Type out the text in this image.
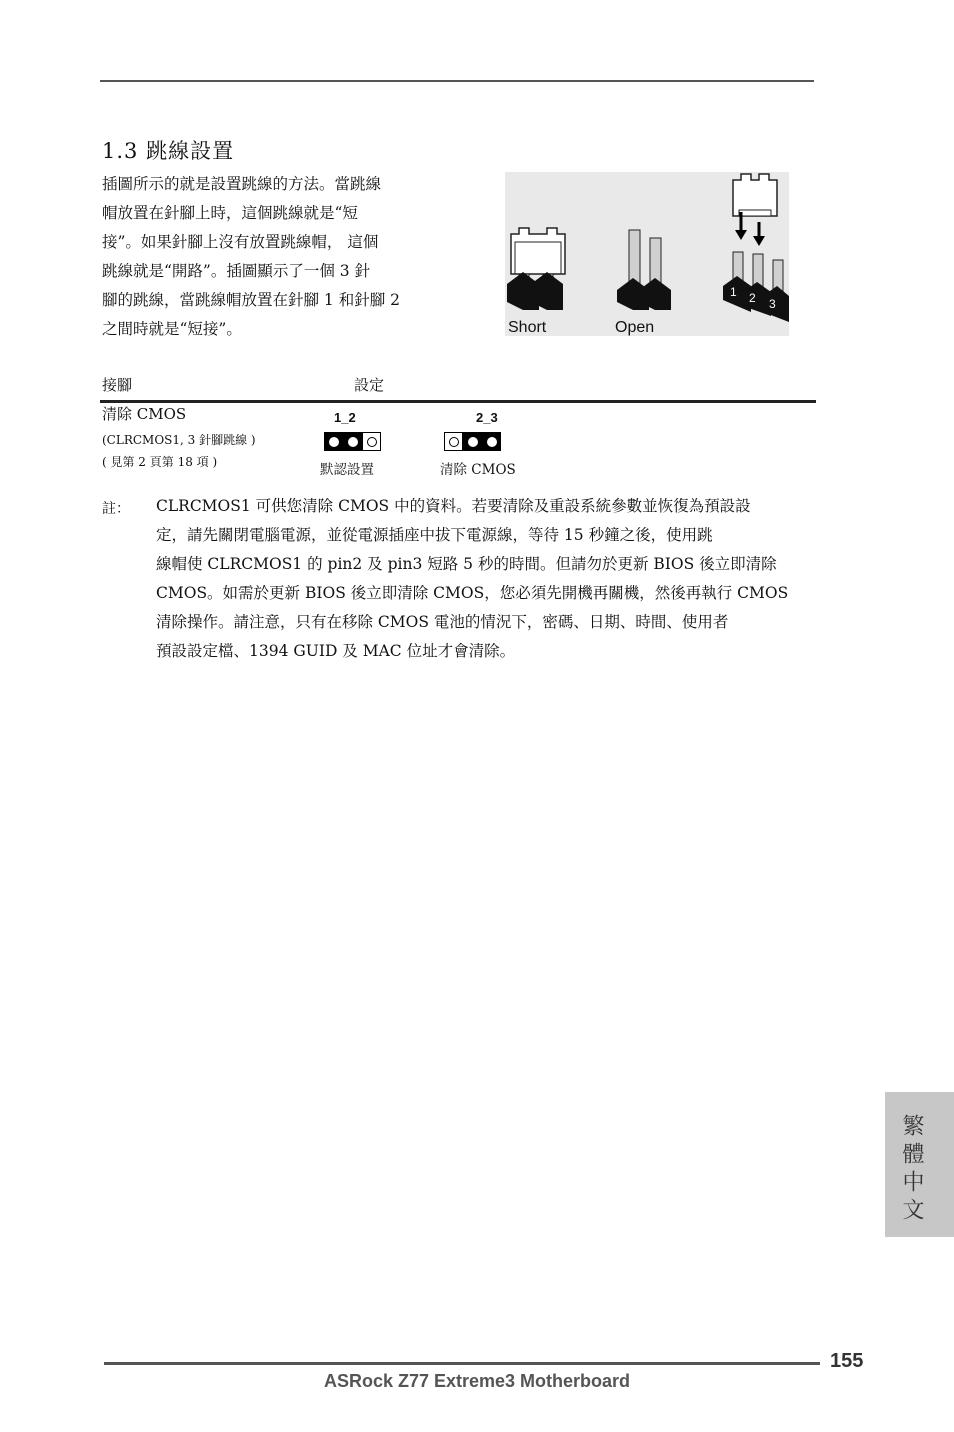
1.3 跳線設置
插圖所示的就是設置跳線的方法。當跳線
帽放置在針腳上時，這個跳線就是“短
接”。如果針腳上沒有放置跳線帽， 這個
跳線就是“開路”。插圖顯示了一個 3 針
腳的跳線，當跳線帽放置在針腳 1 和針腳 2
之間時就是“短接”。
1 2 3
Short	Open
接腳	設定
清除 CMOS
(CLRCMOS1, 3 針腳跳線 )
( 見第 2 頁第 18 項 )
1_2
默認設置
2_3
清除 CMOS
註： CLRCMOS1 可供您清除 CMOS 中的資料。若要清除及重設系統參數並恢復為預設設
定，請先關閉電腦電源，並從電源插座中拔下電源線，等待 15 秒鐘之後，使用跳
線帽使 CLRCMOS1 的 pin2 及 pin3 短路 5 秒的時間。但請勿於更新 BIOS 後立即清除
CMOS。如需於更新 BIOS 後立即清除 CMOS，您必須先開機再關機，然後再執行 CMOS
清除操作。請注意，只有在移除 CMOS 電池的情況下，密碼、日期、時間、使用者
預設設定檔、1394 GUID 及 MAC 位址才會清除。
繁體中文
155
ASRock Z77 Extreme3 Motherboard
